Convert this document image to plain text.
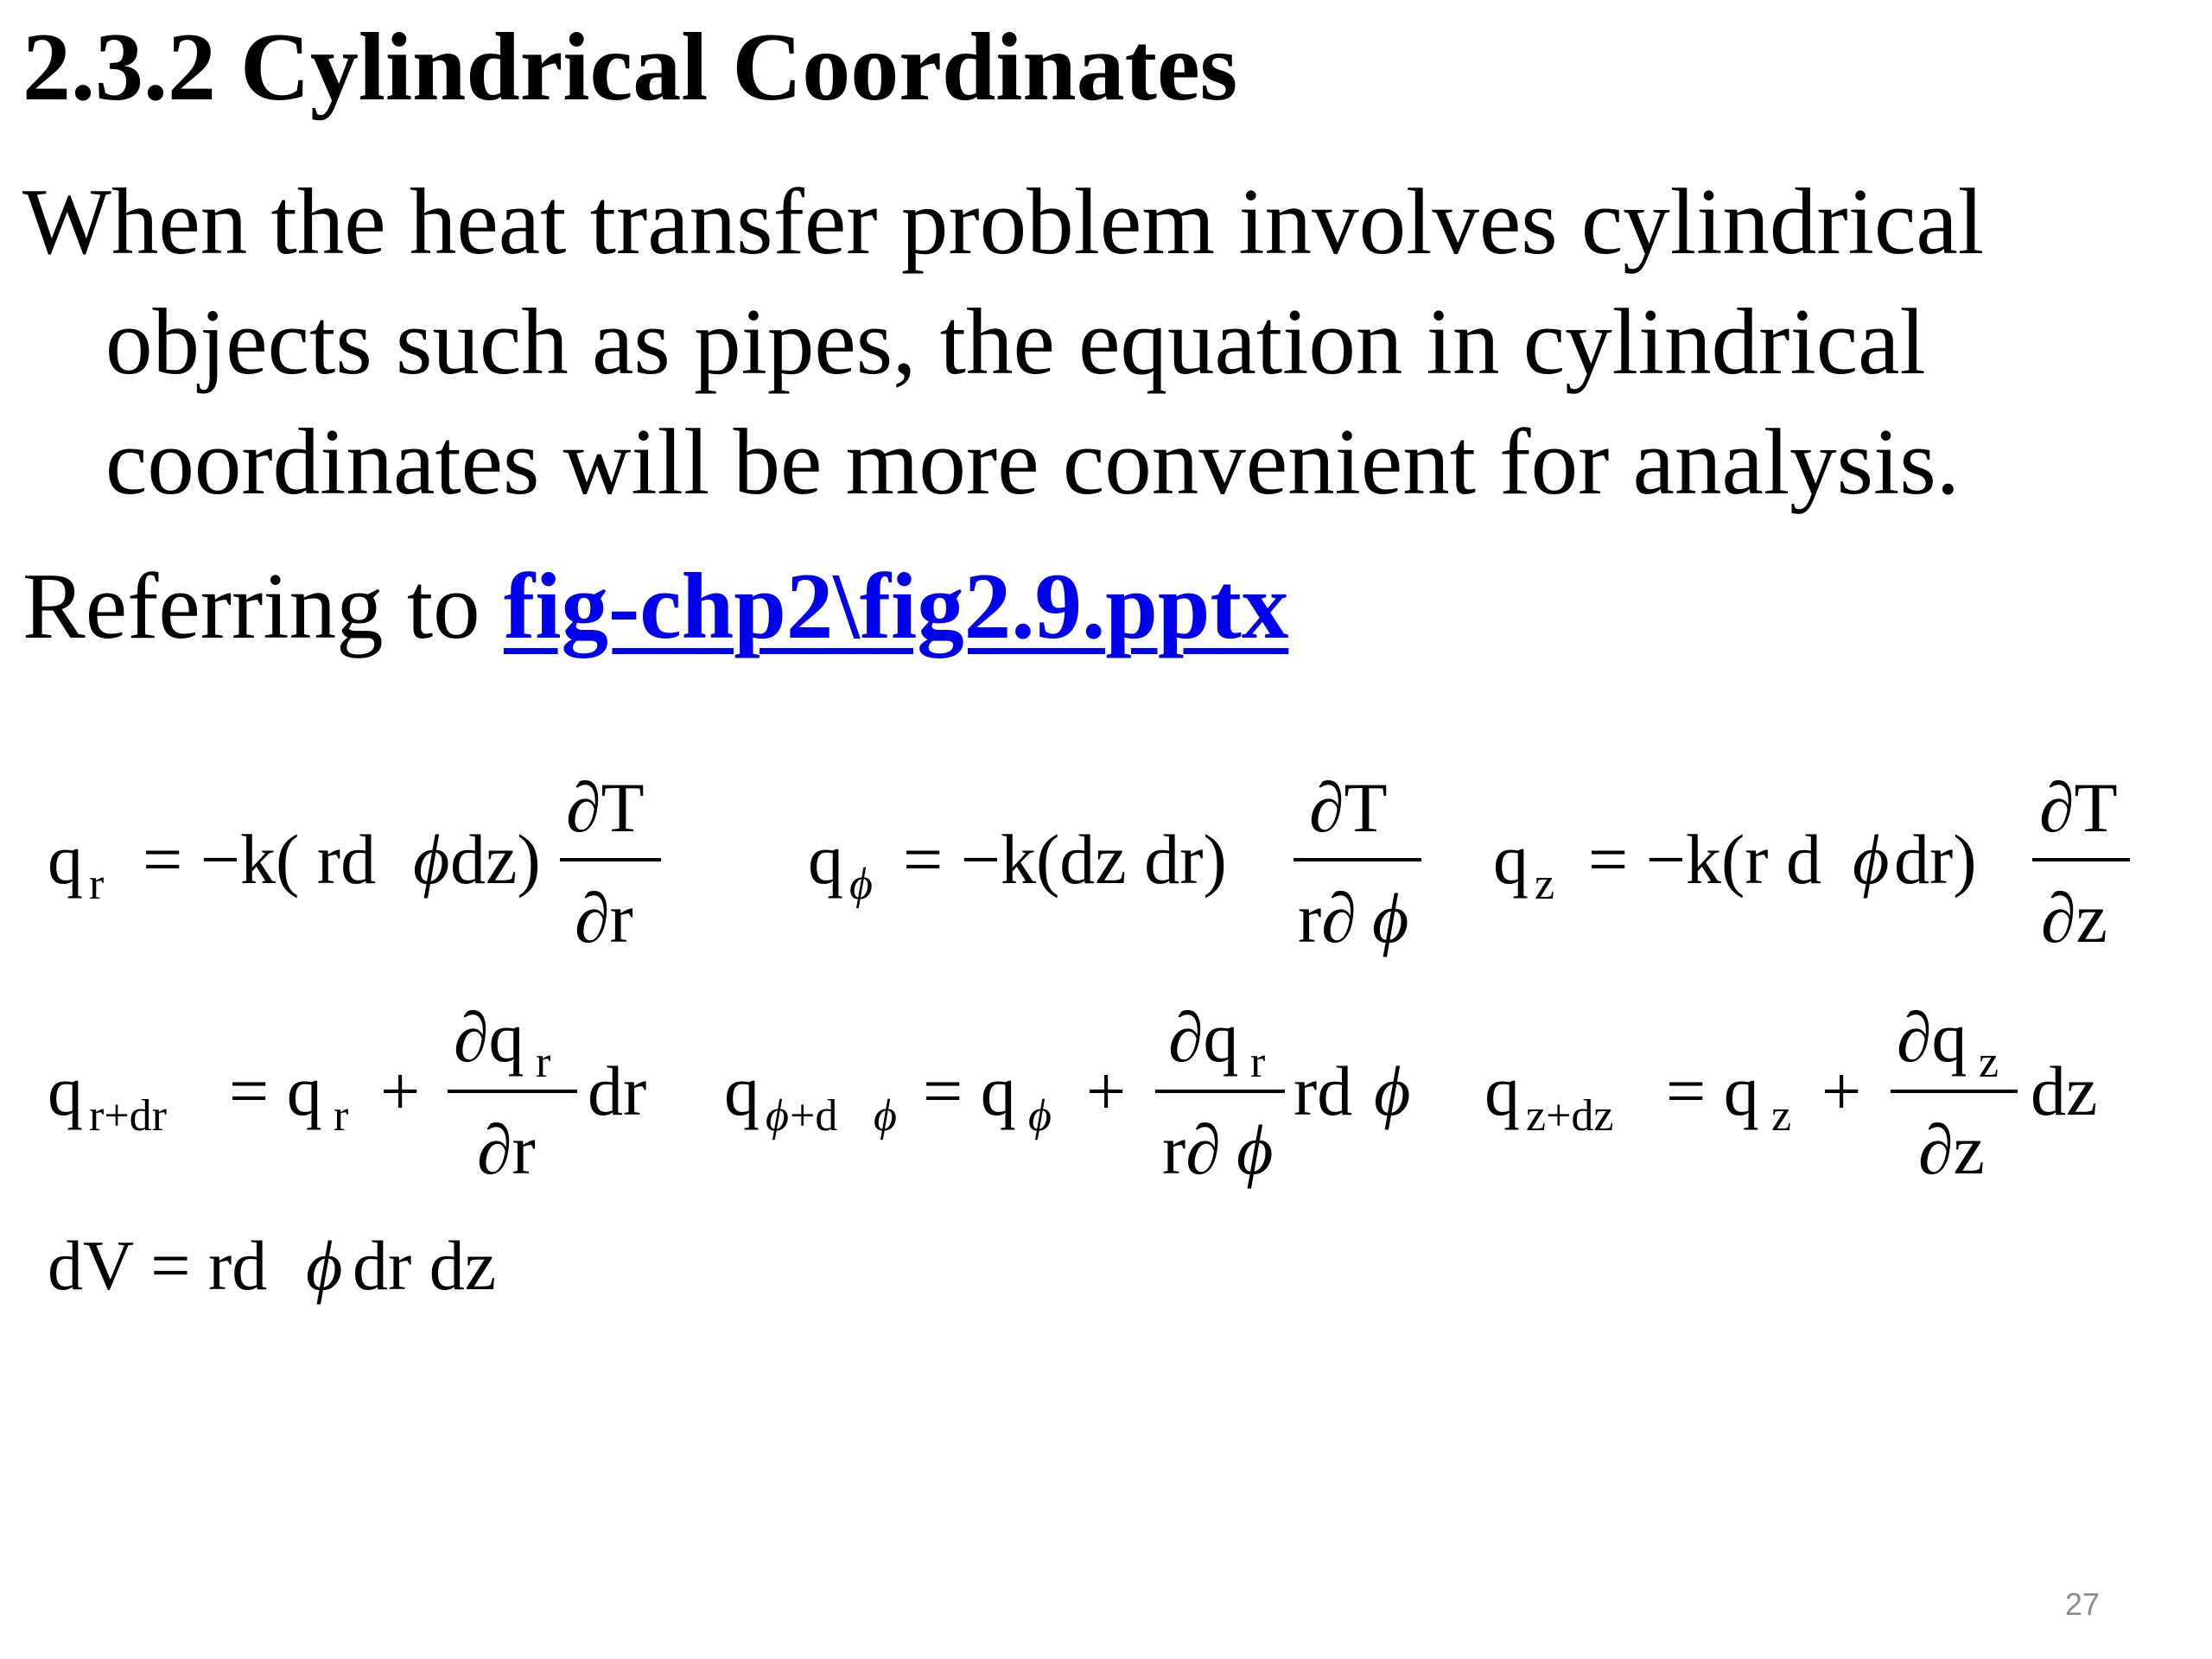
2.3.2 Cylindrical Coordinates
When the heat transfer problem involves cylindrical
objects such as pipes, the equation in cylindrical
coordinates will be more convenient for analysis.
Referring to fig-chp2\fig2.9.pptx
q r = −k( rd ϕ dz)
∂T
∂r
q ϕ = −k(dz dr)
∂T
r∂ ϕ
q z = −k(r d ϕ dr)
∂T
∂z
q r+dr = q r +
∂q r
∂r
dr q ϕ +d ϕ = q ϕ +
∂q r
r∂ ϕ
rd ϕ q z+dz = q z +
∂q z
∂z
dz
dV = rd ϕ dr dz
27
